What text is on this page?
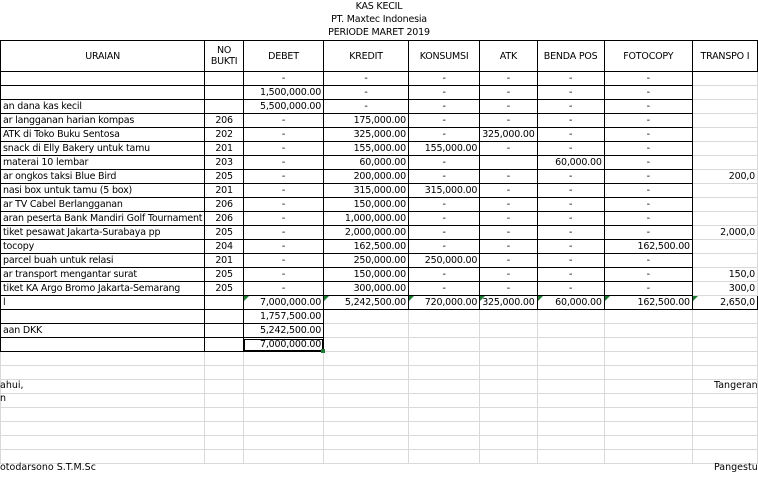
KAS KECIL
PT. Maxtec Indonesia
PERIODE MARET 2019
URAIAN	NO BUKTI	DEBET	KREDIT	KONSUMSI	ATK	BENDA POS	FOTOCOPY	TRANSPO I
		-	-	-	-	-	-	
		1,500,000.00	-	-	-	-	-	
an dana kas kecil		5,500,000.00	-	-	-	-	-	
ar langganan harian kompas	206	-	175,000.00	-	-	-	-	
ATK di Toko Buku Sentosa	202	-	325,000.00	-	325,000.00	-	-	
snack di Elly Bakery untuk tamu	201	-	155,000.00	155,000.00	-	-	-	
materai 10 lembar	203	-	60,000.00	-		60,000.00	-	
ar ongkos taksi Blue Bird	205	-	200,000.00	-	-	-	-	200,0
nasi box untuk tamu (5 box)	201	-	315,000.00	315,000.00	-	-	-	
ar TV Cabel Berlangganan	206	-	150,000.00	-	-	-	-	
aran peserta Bank Mandiri Golf Tournament	206	-	1,000,000.00	-	-	-	-	
tiket pesawat Jakarta-Surabaya pp	205	-	2,000,000.00	-	-	-	-	2,000,0
tocopy	204	-	162,500.00	-	-	-	162,500.00	
parcel buah untuk relasi	201	-	250,000.00	250,000.00	-	-	-	
ar transport mengantar surat	205	-	150,000.00	-	-	-	-	150,0
tiket KA Argo Bromo Jakarta-Semarang	205	-	300,000.00	-	-	-	-	300,0
l		7,000,000.00	5,242,500.00	720,000.00	325,000.00	60,000.00	162,500.00	2,650,0
		1,757,500.00						
aan DKK		5,242,500.00						
		7,000,000.00						

ahui,
n
otodarsono S.T.M.Sc
Tangeran
Pangestu
